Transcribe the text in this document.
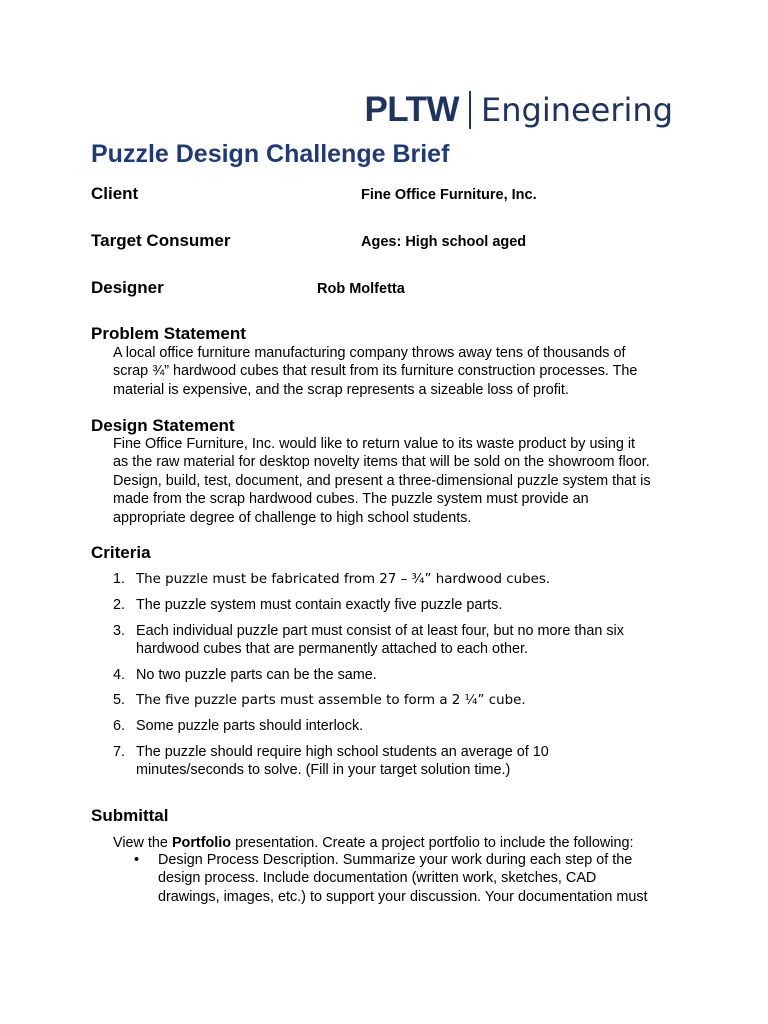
PLTW Engineering
Puzzle Design Challenge Brief
Client	Fine Office Furniture, Inc.
Target Consumer	Ages: High school aged
Designer	Rob Molfetta
Problem Statement
A local office furniture manufacturing company throws away tens of thousands of
scrap ¾” hardwood cubes that result from its furniture construction processes. The
material is expensive, and the scrap represents a sizeable loss of profit.
Design Statement
Fine Office Furniture, Inc. would like to return value to its waste product by using it
as the raw material for desktop novelty items that will be sold on the showroom floor.
Design, build, test, document, and present a three-dimensional puzzle system that is
made from the scrap hardwood cubes. The puzzle system must provide an
appropriate degree of challenge to high school students.
Criteria
1. The puzzle must be fabricated from 27 – ¾” hardwood cubes.
2. The puzzle system must contain exactly five puzzle parts.
3. Each individual puzzle part must consist of at least four, but no more than six
hardwood cubes that are permanently attached to each other.
4. No two puzzle parts can be the same.
5. The five puzzle parts must assemble to form a 2 ¼” cube.
6. Some puzzle parts should interlock.
7. The puzzle should require high school students an average of 10
minutes/seconds to solve. (Fill in your target solution time.)
Submittal

View the Portfolio presentation. Create a project portfolio to include the following:

•	Design Process Description. Summarize your work during each step of the
design process. Include documentation (written work, sketches, CAD
drawings, images, etc.) to support your discussion. Your documentation must
